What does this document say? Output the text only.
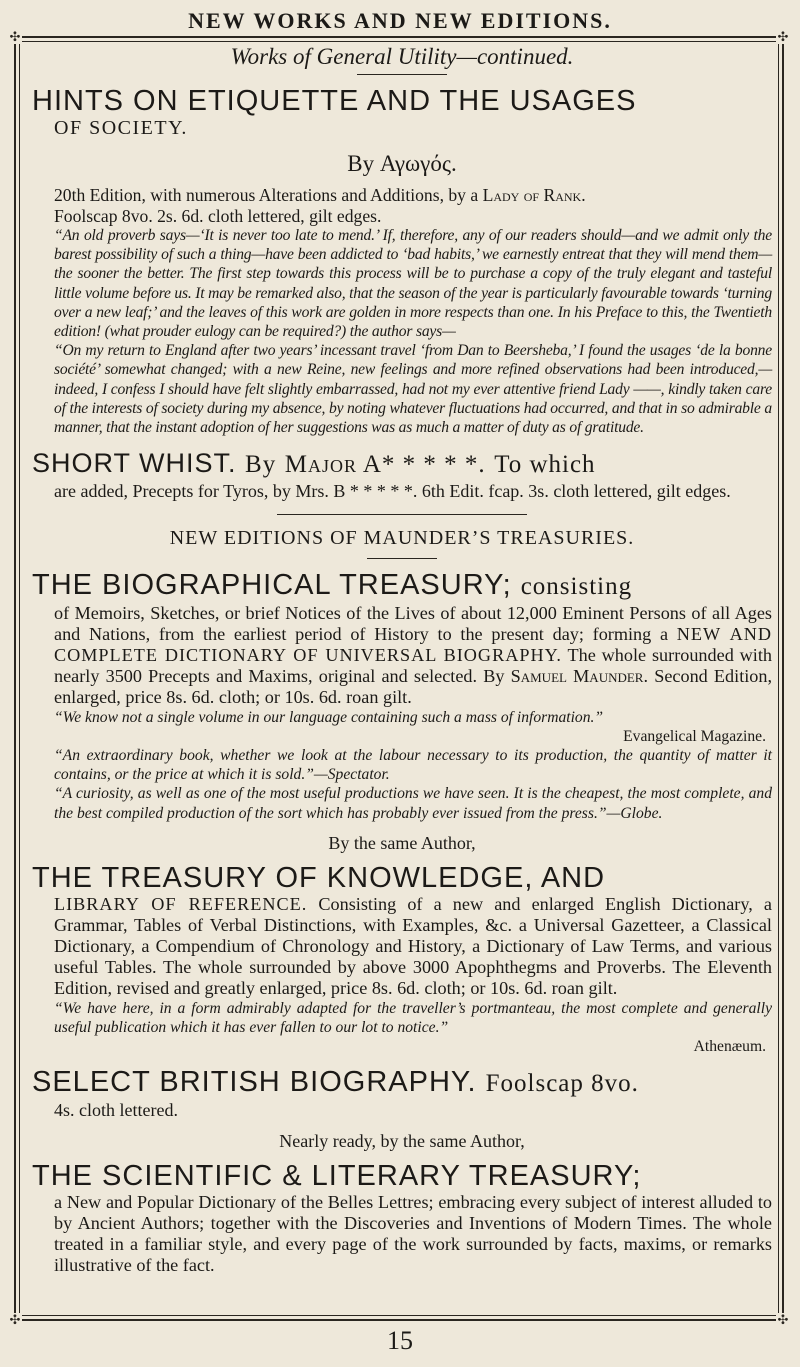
NEW WORKS AND NEW EDITIONS.
✣	✣
✣	✣
Works of General Utility—continued.
HINTS ON ETIQUETTE AND THE USAGES
OF SOCIETY.
By Αγωγός.

20th Edition, with numerous Alterations and Additions, by a Lady of Rank.

Foolscap 8vo. 2s. 6d. cloth lettered, gilt edges.

“An old proverb says—‘It is never too late to mend.’ If, therefore, any of our readers should—and we admit only the barest possibility of such a thing—have been addicted to ‘bad habits,’ we earnestly entreat that they will mend them—the sooner the better. The first step towards this process will be to purchase a copy of the truly elegant and tasteful little volume before us. It may be remarked also, that the season of the year is particularly favourable towards ‘turning over a new leaf;’ and the leaves of this work are golden in more respects than one. In his Preface to this, the Twentieth edition! (what prouder eulogy can be required?) the author says—

“On my return to England after two years’ incessant travel ‘from Dan to Beersheba,’ I found the usages ‘de la bonne société’ somewhat changed; with a new Reine, new feelings and more refined observations had been introduced,—indeed, I confess I should have felt slightly embarrassed, had not my ever attentive friend Lady ——, kindly taken care of the interests of society during my absence, by noting whatever fluctuations had occurred, and that in so admirable a manner, that the instant adoption of her suggestions was as much a matter of duty as of gratitude.

SHORT WHIST. By Major A* * * * *. To which

are added, Precepts for Tyros, by Mrs. B * * * * *. 6th Edit. fcap. 3s. cloth lettered, gilt edges.

NEW EDITIONS OF MAUNDER’S TREASURIES.
THE BIOGRAPHICAL TREASURY; consisting

of Memoirs, Sketches, or brief Notices of the Lives of about 12,000 Eminent Persons of all Ages and Nations, from the earliest period of History to the present day; forming a NEW AND COMPLETE DICTIONARY OF UNIVERSAL BIOGRAPHY. The whole surrounded with nearly 3500 Precepts and Maxims, original and selected. By Samuel Maunder. Second Edition, enlarged, price 8s. 6d. cloth; or 10s. 6d. roan gilt.

“We know not a single volume in our language containing such a mass of information.”

Evangelical Magazine.

“An extraordinary book, whether we look at the labour necessary to its production, the quantity of matter it contains, or the price at which it is sold.”—Spectator.

“A curiosity, as well as one of the most useful productions we have seen. It is the cheapest, the most complete, and the best compiled production of the sort which has probably ever issued from the press.”—Globe.

By the same Author,
THE TREASURY OF KNOWLEDGE, AND

LIBRARY OF REFERENCE. Consisting of a new and enlarged English Dictionary, a Grammar, Tables of Verbal Distinctions, with Examples, &c. a Universal Gazetteer, a Classical Dictionary, a Compendium of Chronology and History, a Dictionary of Law Terms, and various useful Tables. The whole surrounded by above 3000 Apophthegms and Proverbs. The Eleventh Edition, revised and greatly enlarged, price 8s. 6d. cloth; or 10s. 6d. roan gilt.

“We have here, in a form admirably adapted for the traveller’s portmanteau, the most complete and generally useful publication which it has ever fallen to our lot to notice.”

Athenæum.
SELECT BRITISH BIOGRAPHY. Foolscap 8vo.

4s. cloth lettered.

Nearly ready, by the same Author,
THE SCIENTIFIC & LITERARY TREASURY;

a New and Popular Dictionary of the Belles Lettres; embracing every subject of interest alluded to by Ancient Authors; together with the Discoveries and Inventions of Modern Times. The whole treated in a familiar style, and every page of the work surrounded by facts, maxims, or remarks illustrative of the fact.

15
